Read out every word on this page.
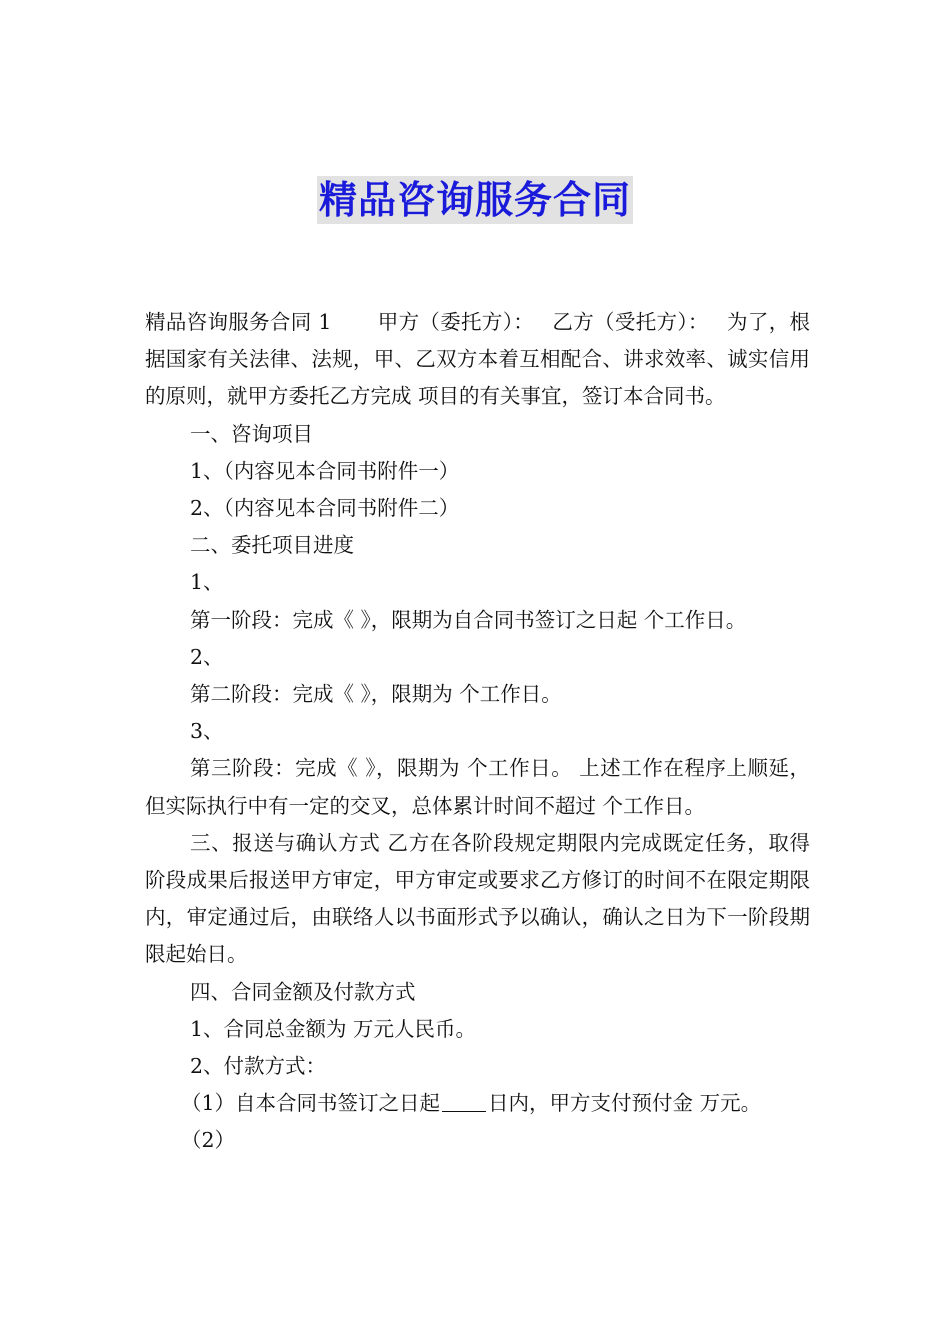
精品咨询服务合同

精品咨询服务合同 1 甲方（委托方）： 乙方（受托方）： 为了，根据国家有关法律、法规，甲、乙双方本着互相配合、讲求效率、诚实信用的原则，就甲方委托乙方完成 项目的有关事宜，签订本合同书。

一、咨询项目

1、（内容见本合同书附件一）

2、（内容见本合同书附件二）

二、委托项目进度

1、

第一阶段：完成《 》，限期为自合同书签订之日起 个工作日。

2、

第二阶段：完成《 》，限期为 个工作日。

3、

第三阶段：完成《 》，限期为 个工作日。 上述工作在程序上顺延，但实际执行中有一定的交叉，总体累计时间不超过 个工作日。

三、报送与确认方式 乙方在各阶段规定期限内完成既定任务，取得阶段成果后报送甲方审定，甲方审定或要求乙方修订的时间不在限定期限内，审定通过后，由联络人以书面形式予以确认，确认之日为下一阶段期限起始日。

四、合同金额及付款方式

1、合同总金额为 万元人民币。

2、付款方式：

（1）自本合同书签订之日起 日内，甲方支付预付金 万元。

（2）
